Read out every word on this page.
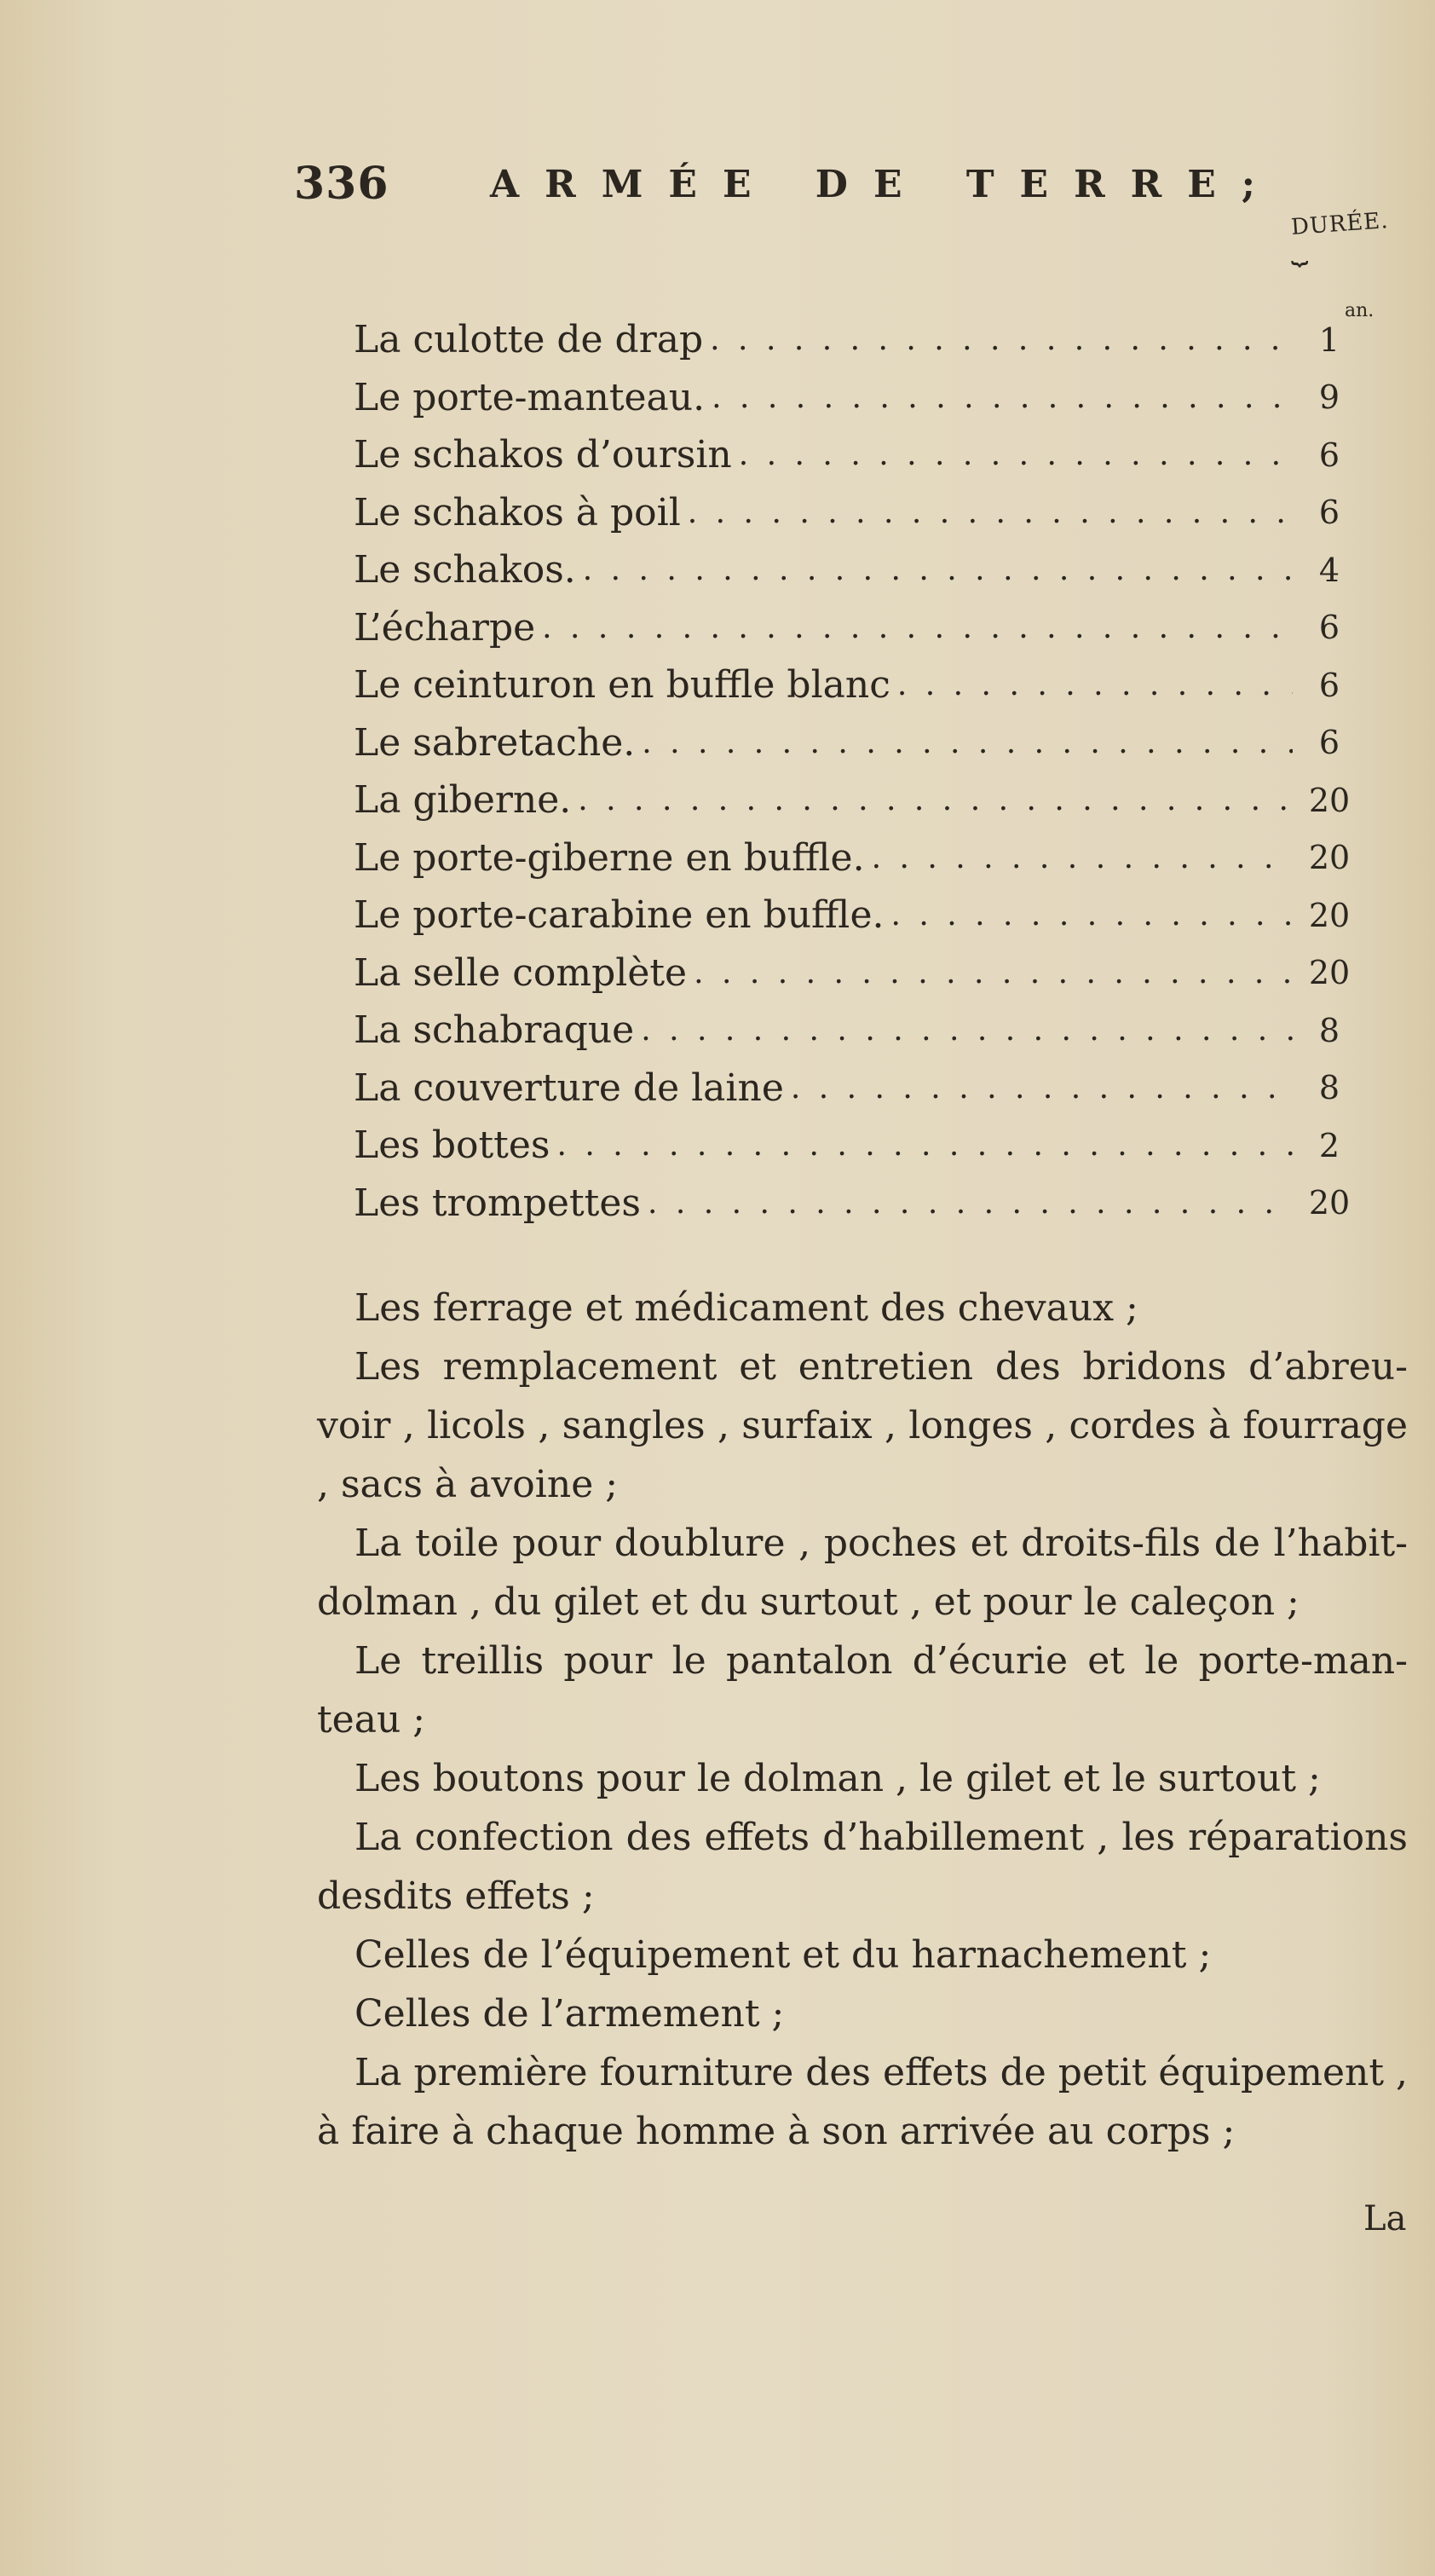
336	ARMÉE DE TERRE;
DURÉE.
⏟
an.
La culotte de drap . . .	1
Le porte-manteau. . . .	9
Le schakos d’oursin . . .	6
Le schakos à poil . . .	6
Le schakos. . . .	4
L’écharpe . . .	6
Le ceinturon en buffle blanc . . .	6
Le sabretache. . . .	6
La giberne. . . .	20
Le porte-giberne en buffle. . . .	20
Le porte-carabine en buffle. . . .	20
La selle complète . . .	20
La schabraque . . .	8
La couverture de laine . . .	8
Les bottes . . .	2
Les trompettes . . .	20

Les ferrage et médicament des chevaux ;

Les remplacement et entretien des bridons d’abreu-voir , licols , sangles , surfaix , longes , cordes à fourrage , sacs à avoine ;

La toile pour doublure , poches et droits-fils de l’habit-dolman , du gilet et du surtout , et pour le caleçon ;

Le treillis pour le pantalon d’écurie et le porte-man-teau ;

Les boutons pour le dolman , le gilet et le surtout ;

La confection des effets d’habillement , les réparations desdits effets ;

Celles de l’équipement et du harnachement ;

Celles de l’armement ;

La première fourniture des effets de petit équipement , à faire à chaque homme à son arrivée au corps ;

La
